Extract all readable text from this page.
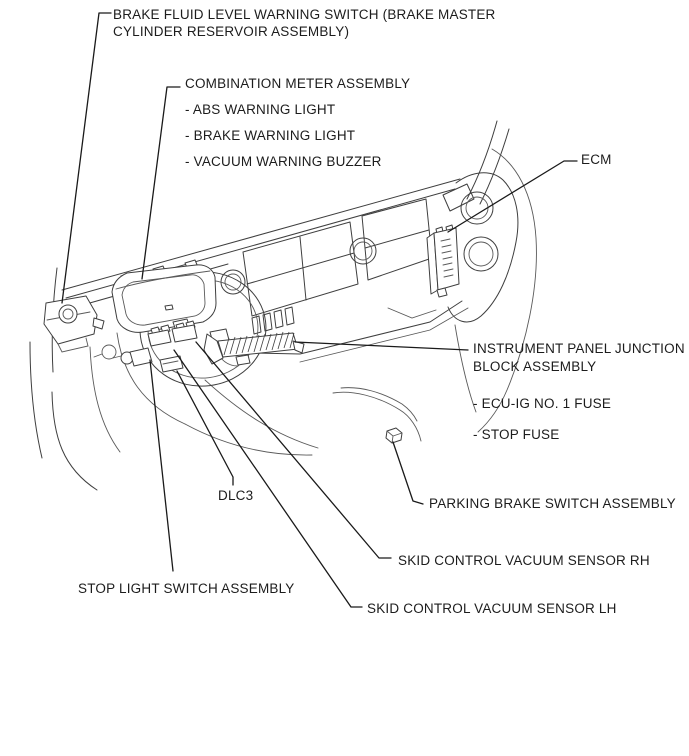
BRAKE FLUID LEVEL WARNING SWITCH (BRAKE MASTER
CYLINDER RESERVOIR ASSEMBLY)
COMBINATION METER ASSEMBLY
- ABS WARNING LIGHT
- BRAKE WARNING LIGHT
- VACUUM WARNING BUZZER	ECM
INSTRUMENT PANEL JUNCTION
BLOCK ASSEMBLY
- ECU-IG NO. 1 FUSE
- STOP FUSE
PARKING BRAKE SWITCH ASSEMBLY
DLC3
STOP LIGHT SWITCH ASSEMBLY
SKID CONTROL VACUUM SENSOR RH
SKID CONTROL VACUUM SENSOR LH
